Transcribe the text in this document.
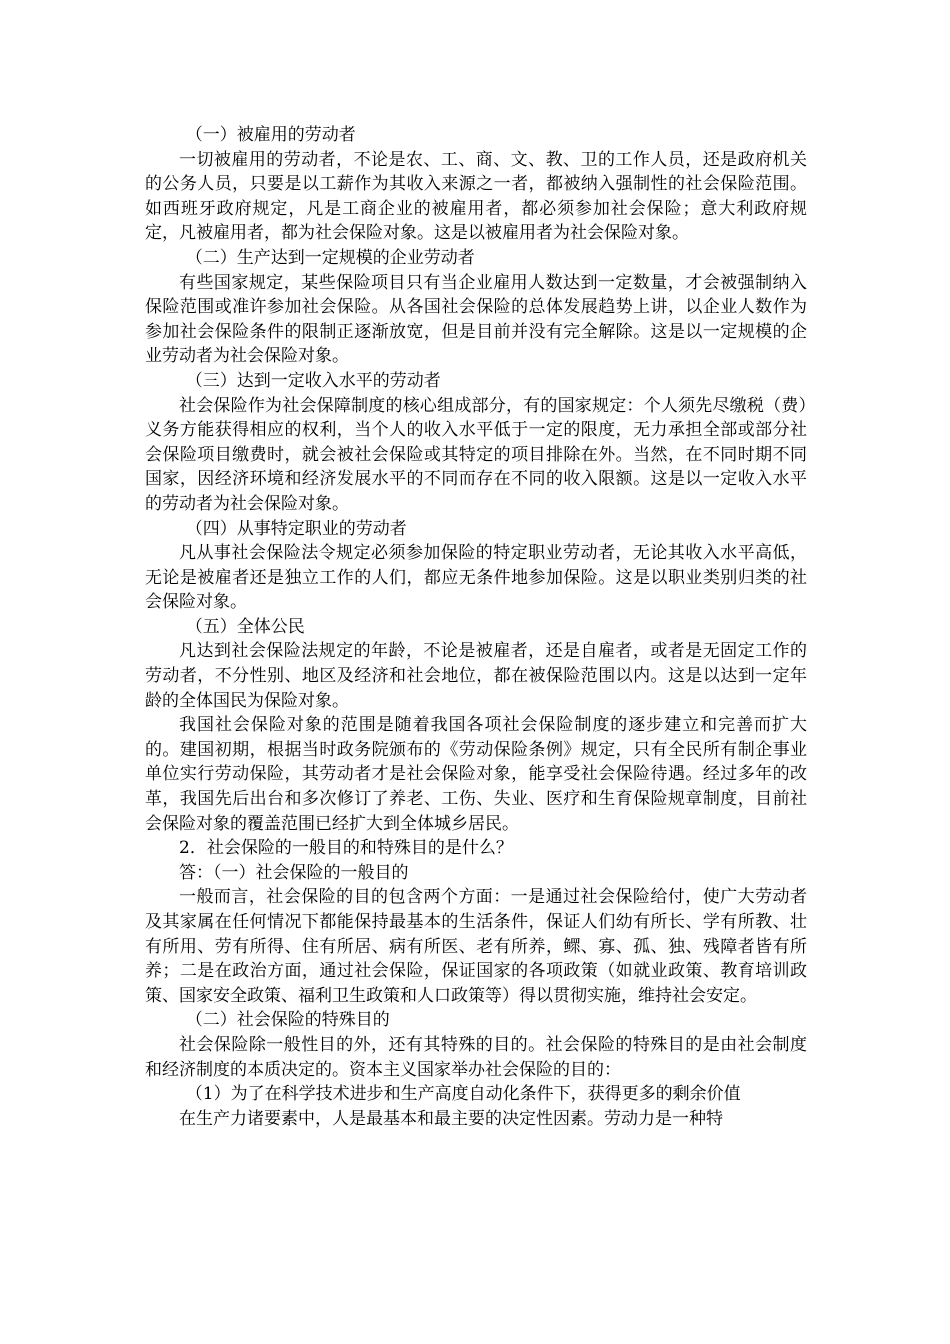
（一）被雇用的劳动者

一切被雇用的劳动者，不论是农、工、商、文、教、卫的工作人员，还是政府机关的公务人员，只要是以工薪作为其收入来源之一者，都被纳入强制性的社会保险范围。如西班牙政府规定，凡是工商企业的被雇用者，都必须参加社会保险；意大利政府规定，凡被雇用者，都为社会保险对象。这是以被雇用者为社会保险对象。

（二）生产达到一定规模的企业劳动者

有些国家规定，某些保险项目只有当企业雇用人数达到一定数量，才会被强制纳入保险范围或准许参加社会保险。从各国社会保险的总体发展趋势上讲，以企业人数作为参加社会保险条件的限制正逐渐放宽，但是目前并没有完全解除。这是以一定规模的企业劳动者为社会保险对象。

（三）达到一定收入水平的劳动者

社会保险作为社会保障制度的核心组成部分，有的国家规定：个人须先尽缴税（费）义务方能获得相应的权利，当个人的收入水平低于一定的限度，无力承担全部或部分社会保险项目缴费时，就会被社会保险或其特定的项目排除在外。当然，在不同时期不同国家，因经济环境和经济发展水平的不同而存在不同的收入限额。这是以一定收入水平的劳动者为社会保险对象。

（四）从事特定职业的劳动者

凡从事社会保险法令规定必须参加保险的特定职业劳动者，无论其收入水平高低，无论是被雇者还是独立工作的人们，都应无条件地参加保险。这是以职业类别归类的社会保险对象。

（五）全体公民

凡达到社会保险法规定的年龄，不论是被雇者，还是自雇者，或者是无固定工作的劳动者，不分性别、地区及经济和社会地位，都在被保险范围以内。这是以达到一定年龄的全体国民为保险对象。

我国社会保险对象的范围是随着我国各项社会保险制度的逐步建立和完善而扩大的。建国初期，根据当时政务院颁布的《劳动保险条例》规定，只有全民所有制企事业单位实行劳动保险，其劳动者才是社会保险对象，能享受社会保险待遇。经过多年的改革，我国先后出台和多次修订了养老、工伤、失业、医疗和生育保险规章制度，目前社会保险对象的覆盖范围已经扩大到全体城乡居民。

2．社会保险的一般目的和特殊目的是什么？

答：（一）社会保险的一般目的

一般而言，社会保险的目的包含两个方面：一是通过社会保险给付，使广大劳动者及其家属在任何情况下都能保持最基本的生活条件，保证人们幼有所长、学有所教、壮有所用、劳有所得、住有所居、病有所医、老有所养，鳏、寡、孤、独、残障者皆有所养；二是在政治方面，通过社会保险，保证国家的各项政策（如就业政策、教育培训政策、国家安全政策、福利卫生政策和人口政策等）得以贯彻实施，维持社会安定。

（二）社会保险的特殊目的

社会保险除一般性目的外，还有其特殊的目的。社会保险的特殊目的是由社会制度和经济制度的本质决定的。资本主义国家举办社会保险的目的：

（1）为了在科学技术进步和生产高度自动化条件下，获得更多的剩余价值

在生产力诸要素中，人是最基本和最主要的决定性因素。劳动力是一种特
